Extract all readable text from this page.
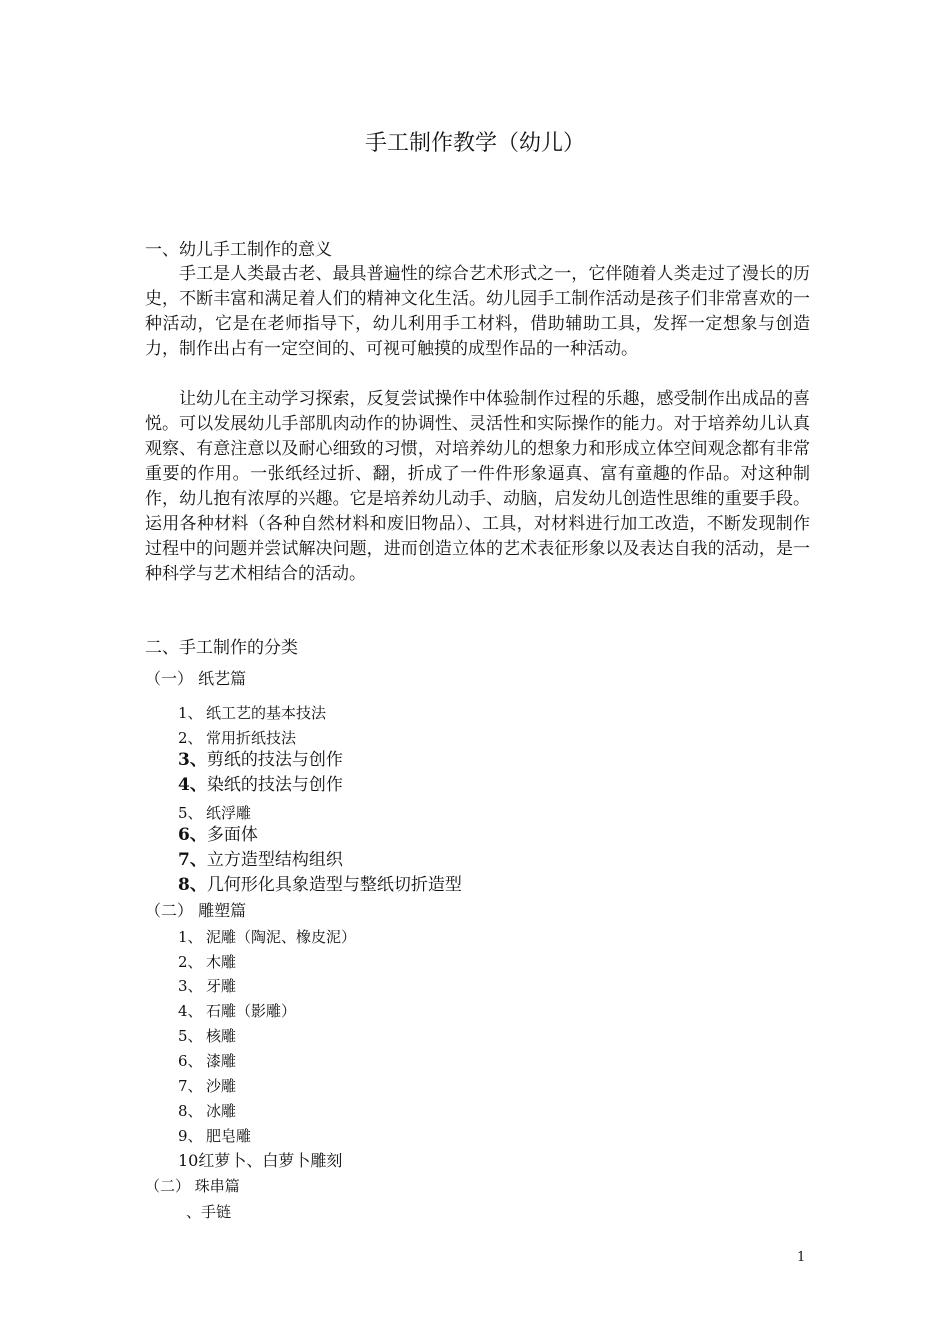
手工制作教学（幼儿）
一、幼儿手工制作的意义

手工是人类最古老、最具普遍性的综合艺术形式之一，它伴随着人类走过了漫长的历史，不断丰富和满足着人们的精神文化生活。幼儿园手工制作活动是孩子们非常喜欢的一种活动，它是在老师指导下，幼儿利用手工材料，借助辅助工具，发挥一定想象与创造力，制作出占有一定空间的、可视可触摸的成型作品的一种活动。

让幼儿在主动学习探索，反复尝试操作中体验制作过程的乐趣，感受制作出成品的喜悦。可以发展幼儿手部肌肉动作的协调性、灵活性和实际操作的能力。对于培养幼儿认真观察、有意注意以及耐心细致的习惯，对培养幼儿的想象力和形成立体空间观念都有非常重要的作用。一张纸经过折、翻，折成了一件件形象逼真、富有童趣的作品。对这种制作，幼儿抱有浓厚的兴趣。它是培养幼儿动手、动脑，启发幼儿创造性思维的重要手段。运用各种材料（各种自然材料和废旧物品）、工具，对材料进行加工改造，不断发现制作过程中的问题并尝试解决问题，进而创造立体的艺术表征形象以及表达自我的活动，是一种科学与艺术相结合的活动。

二、手工制作的分类
（一） 纸艺篇
1、 纸工艺的基本技法
2、 常用折纸技法
3、剪纸的技法与创作
4、染纸的技法与创作
5、 纸浮雕
6、多面体
7、立方造型结构组织
8、几何形化具象造型与整纸切折造型
（二） 雕塑篇
1、 泥雕（陶泥、橡皮泥）
2、 木雕
3、 牙雕
4、 石雕（影雕）
5、 核雕
6、 漆雕
7、 沙雕
8、 冰雕
9、 肥皂雕
10红萝卜、白萝卜雕刻
（二） 珠串篇
、手链
1
